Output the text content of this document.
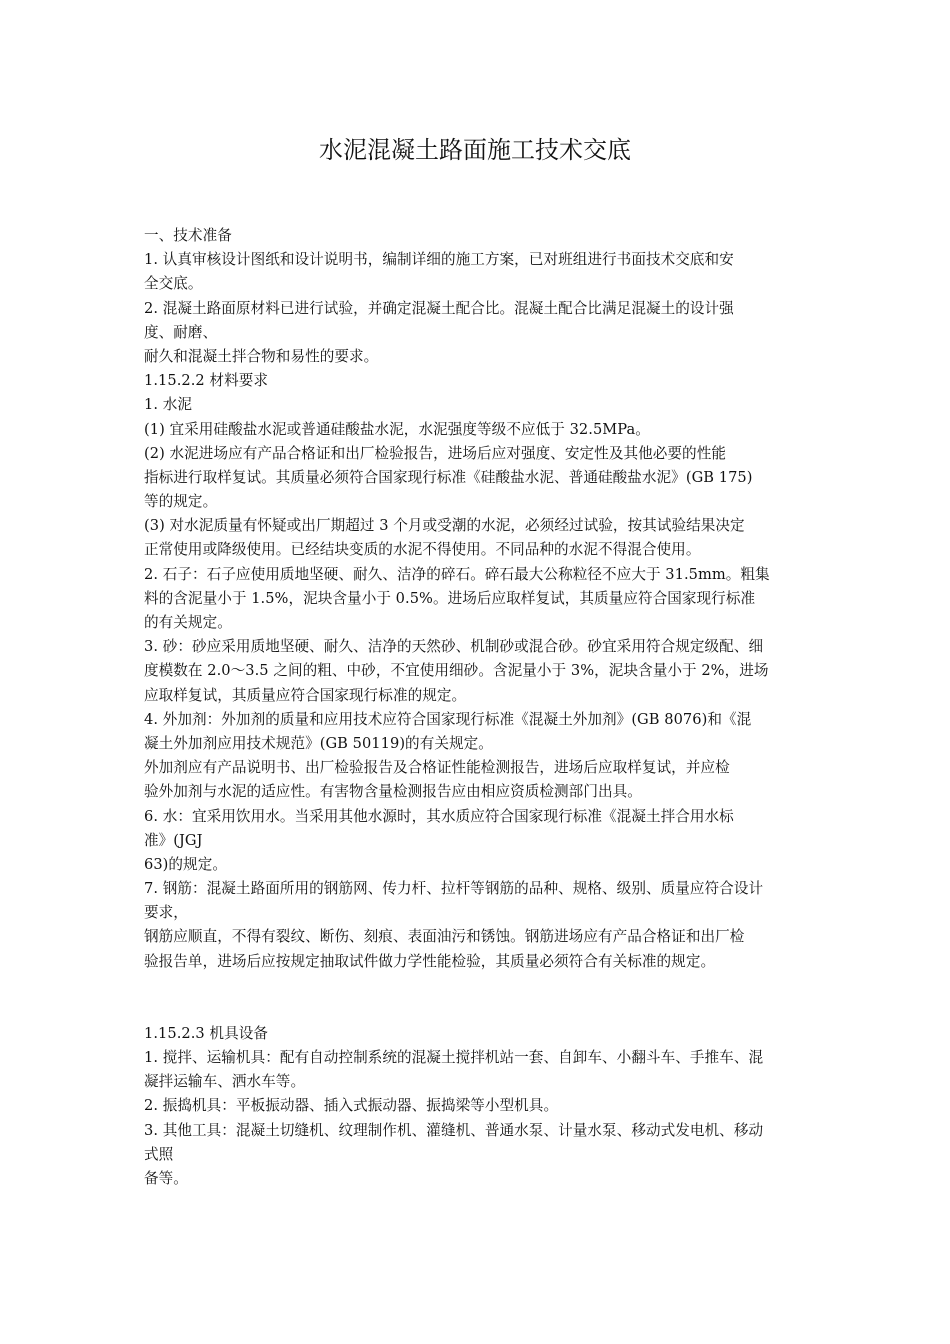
水泥混凝土路面施工技术交底
一、技术准备
1. 认真审核设计图纸和设计说明书，编制详细的施工方案，已对班组进行书面技术交底和安
全交底。
2. 混凝土路面原材料已进行试验，并确定混凝土配合比。混凝土配合比满足混凝土的设计强
度、耐磨、
耐久和混凝土拌合物和易性的要求。
1.15.2.2 材料要求
1. 水泥
(1) 宜采用硅酸盐水泥或普通硅酸盐水泥，水泥强度等级不应低于 32.5MPa。
(2) 水泥进场应有产品合格证和出厂检验报告，进场后应对强度、安定性及其他必要的性能
指标进行取样复试。其质量必须符合国家现行标准《硅酸盐水泥、普通硅酸盐水泥》(GB 175)
等的规定。
(3) 对水泥质量有怀疑或出厂期超过 3 个月或受潮的水泥，必须经过试验，按其试验结果决定
正常使用或降级使用。已经结块变质的水泥不得使用。不同品种的水泥不得混合使用。
2. 石子：石子应使用质地坚硬、耐久、洁净的碎石。碎石最大公称粒径不应大于 31.5mm。粗集
料的含泥量小于 1.5%，泥块含量小于 0.5%。进场后应取样复试，其质量应符合国家现行标准
的有关规定。
3. 砂：砂应采用质地坚硬、耐久、洁净的天然砂、机制砂或混合砂。砂宜采用符合规定级配、细
度模数在 2.0～3.5 之间的粗、中砂，不宜使用细砂。含泥量小于 3%，泥块含量小于 2%，进场
应取样复试，其质量应符合国家现行标准的规定。
4. 外加剂：外加剂的质量和应用技术应符合国家现行标准《混凝土外加剂》(GB 8076)和《混
凝土外加剂应用技术规范》(GB 50119)的有关规定。
外加剂应有产品说明书、出厂检验报告及合格证性能检测报告，进场后应取样复试，并应检
验外加剂与水泥的适应性。有害物含量检测报告应由相应资质检测部门出具。
6. 水：宜采用饮用水。当采用其他水源时，其水质应符合国家现行标准《混凝土拌合用水标
准》(JGJ
63)的规定。
7. 钢筋：混凝土路面所用的钢筋网、传力杆、拉杆等钢筋的品种、规格、级别、质量应符合设计
要求，
钢筋应顺直，不得有裂纹、断伤、刻痕、表面油污和锈蚀。钢筋进场应有产品合格证和出厂检
验报告单，进场后应按规定抽取试件做力学性能检验，其质量必须符合有关标准的规定。
1.15.2.3 机具设备
1. 搅拌、运输机具：配有自动控制系统的混凝土搅拌机站一套、自卸车、小翻斗车、手推车、混
凝拌运输车、洒水车等。
2. 振捣机具：平板振动器、插入式振动器、振捣梁等小型机具。
3. 其他工具：混凝土切缝机、纹理制作机、灌缝机、普通水泵、计量水泵、移动式发电机、移动
式照
备等。
